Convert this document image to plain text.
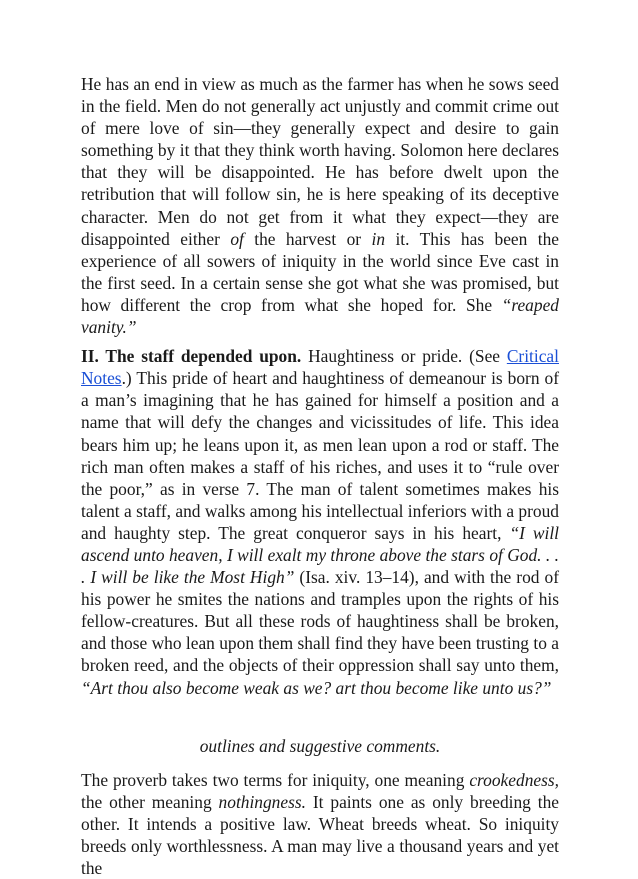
He has an end in view as much as the farmer has when he sows seed in the field. Men do not generally act unjustly and commit crime out of mere love of sin—they generally expect and desire to gain something by it that they think worth having. Solomon here declares that they will be disappointed. He has before dwelt upon the retribution that will follow sin, he is here speaking of its deceptive character. Men do not get from it what they expect—they are disappointed either of the harvest or in it. This has been the experience of all sowers of iniquity in the world since Eve cast in the first seed. In a certain sense she got what she was promised, but how different the crop from what she hoped for. She “reaped vanity.”

II. The staff depended upon. Haughtiness or pride. (See Critical Notes.) This pride of heart and haughtiness of demeanour is born of a man’s imagining that he has gained for himself a position and a name that will defy the changes and vicissitudes of life. This idea bears him up; he leans upon it, as men lean upon a rod or staff. The rich man often makes a staff of his riches, and uses it to “rule over the poor,” as in verse 7. The man of talent sometimes makes his talent a staff, and walks among his intellectual inferiors with a proud and haughty step. The great conqueror says in his heart, “I will ascend unto heaven, I will exalt my throne above the stars of God. . . . I will be like the Most High” (Isa. xiv. 13–14), and with the rod of his power he smites the nations and tramples upon the rights of his fellow-creatures. But all these rods of haughtiness shall be broken, and those who lean upon them shall find they have been trusting to a broken reed, and the objects of their oppression shall say unto them, “Art thou also become weak as we? art thou become like unto us?”

outlines and suggestive comments.

The proverb takes two terms for iniquity, one meaning crookedness, the other meaning nothingness. It paints one as only breeding the other. It intends a positive law. Wheat breeds wheat. So iniquity breeds only worthlessness. A man may live a thousand years and yet the
